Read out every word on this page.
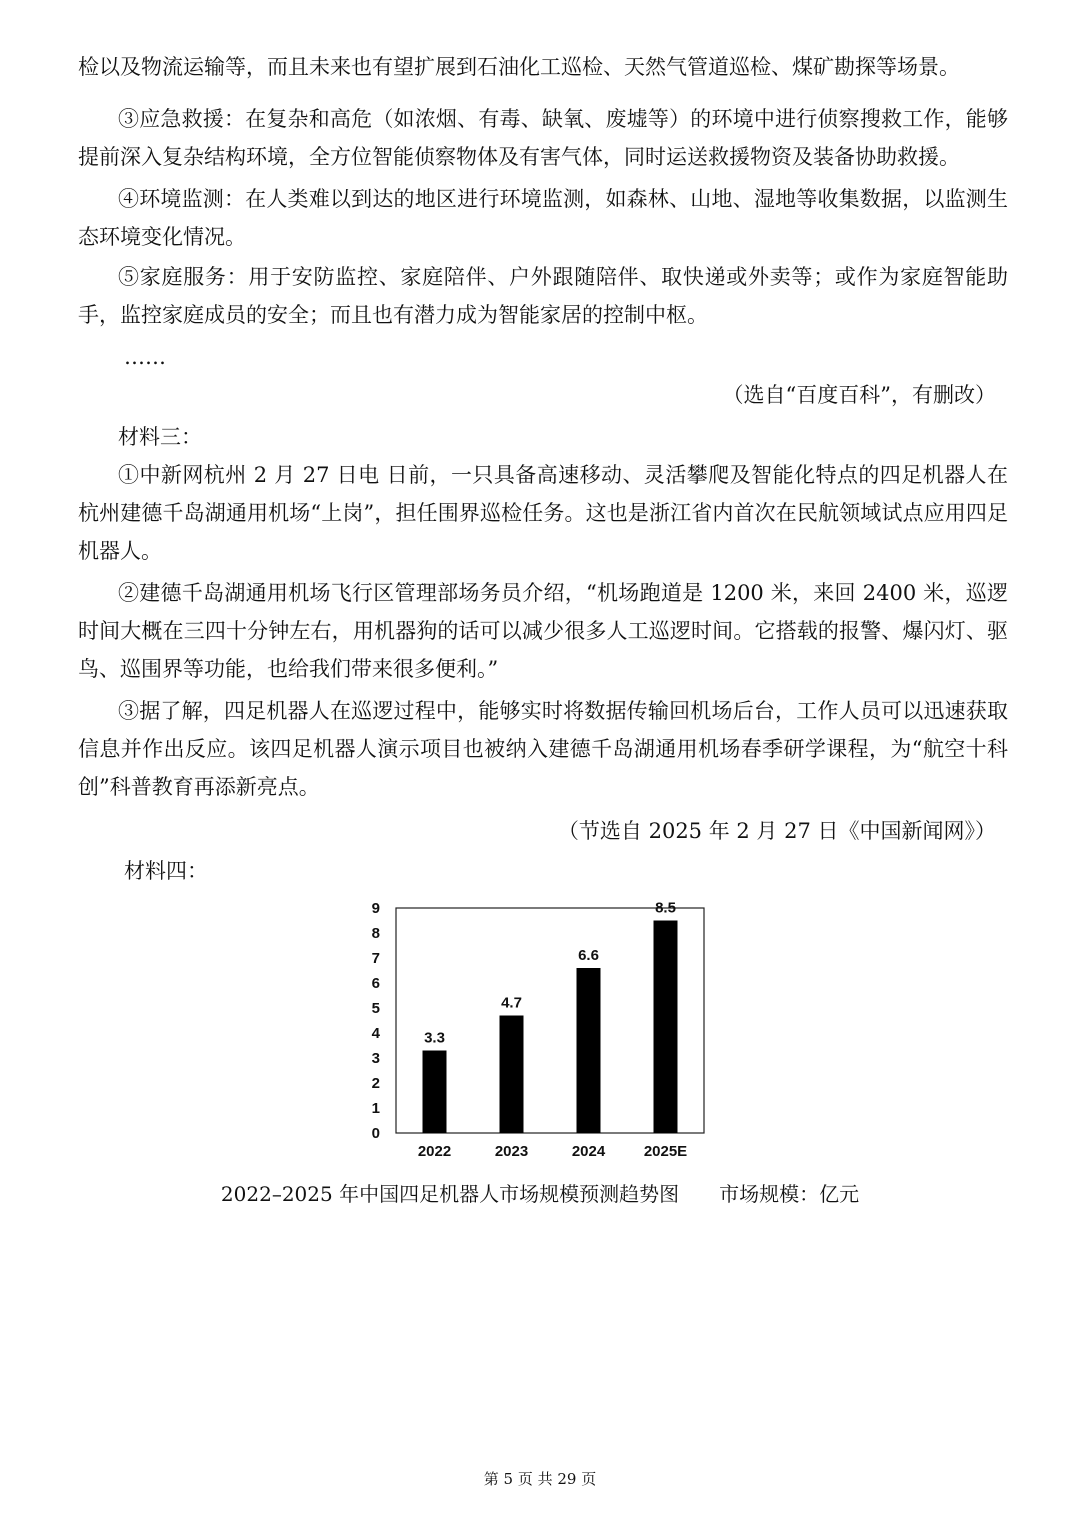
检以及物流运输等，而且未来也有望扩展到石油化工巡检、天然气管道巡检、煤矿勘探等场景。

③应急救援：在复杂和高危（如浓烟、有毒、缺氧、废墟等）的环境中进行侦察搜救工作，能够提前深入复杂结构环境，全方位智能侦察物体及有害气体，同时运送救援物资及装备协助救援。

④环境监测：在人类难以到达的地区进行环境监测，如森林、山地、湿地等收集数据，以监测生态环境变化情况。

⑤家庭服务：用于安防监控、家庭陪伴、户外跟随陪伴、取快递或外卖等；或作为家庭智能助手，监控家庭成员的安全；而且也有潜力成为智能家居的控制中枢。

……

（选自“百度百科”，有删改）

材料三：

①中新网杭州 2 月 27 日电 日前，一只具备高速移动、灵活攀爬及智能化特点的四足机器人在杭州建德千岛湖通用机场“上岗”，担任围界巡检任务。这也是浙江省内首次在民航领域试点应用四足机器人。

②建德千岛湖通用机场飞行区管理部场务员介绍，“机场跑道是 1200 米，来回 2400 米，巡逻时间大概在三四十分钟左右，用机器狗的话可以减少很多人工巡逻时间。它搭载的报警、爆闪灯、驱鸟、巡围界等功能，也给我们带来很多便利。”

③据了解，四足机器人在巡逻过程中，能够实时将数据传输回机场后台，工作人员可以迅速获取信息并作出反应。该四足机器人演示项目也被纳入建德千岛湖通用机场春季研学课程，为“航空十科创”科普教育再添新亮点。

（节选自 2025 年 2 月 27 日《中国新闻网》）

材料四：

0
1
2
3
4
5
6
7
8
9
3.3
2022
4.7
2023
6.6
2024
8.5
2025E

2022–2025 年中国四足机器人市场规模预测趋势图　　 市场规模：亿元

第 5 页 共 29 页
